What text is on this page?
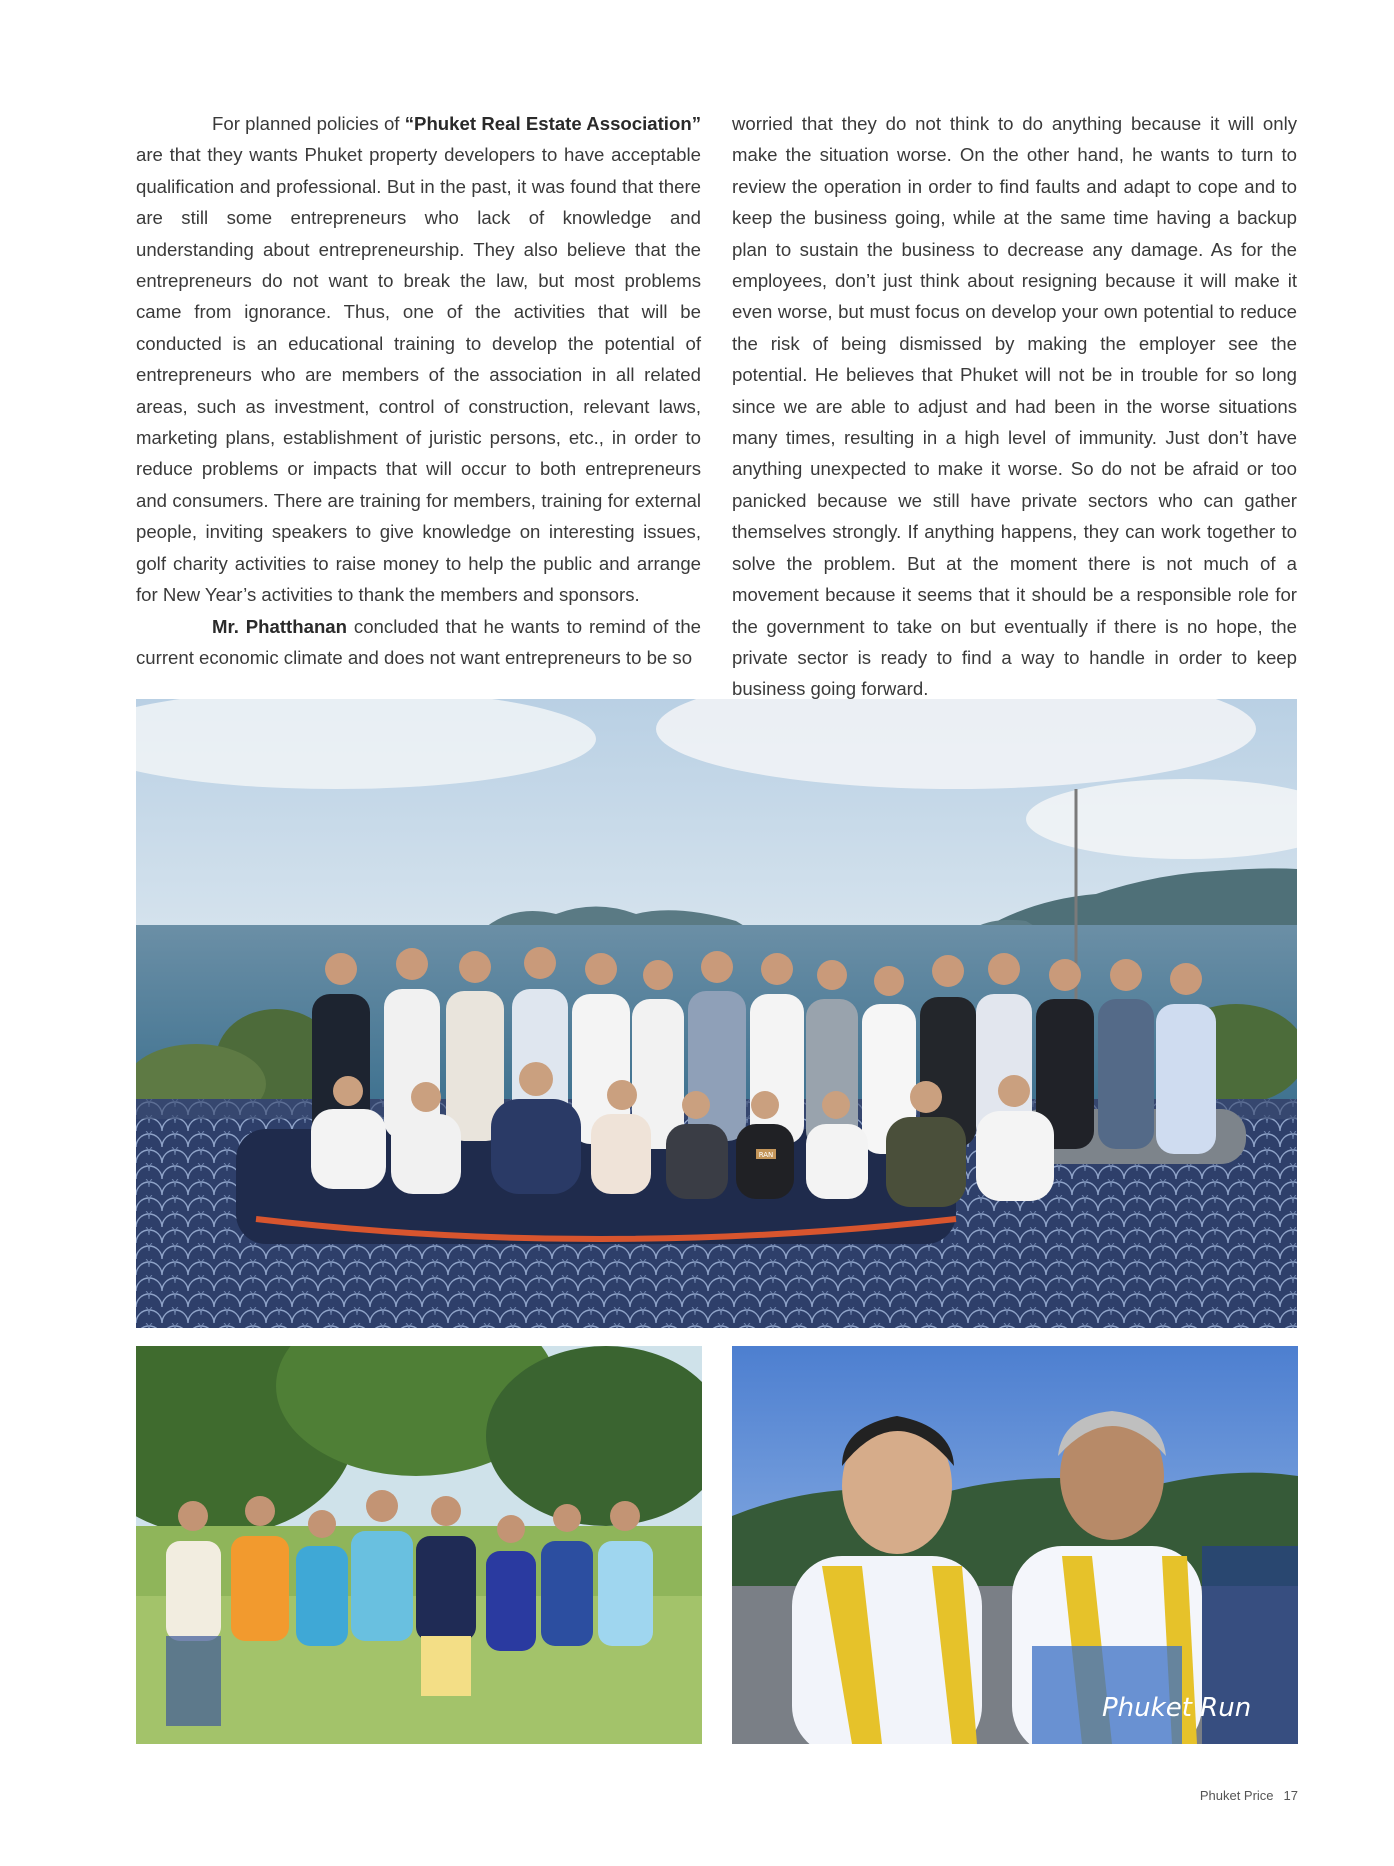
For planned policies of “Phuket Real Estate Association” are that they wants Phuket property developers to have acceptable qualification and professional. But in the past, it was found that there are still some entrepreneurs who lack of knowledge and understanding about entrepreneurship. They also believe that the entrepreneurs do not want to break the law, but most problems came from ignorance. Thus, one of the activities that will be conducted is an educational training to develop the potential of entrepreneurs who are members of the association in all related areas, such as investment, control of construction, relevant laws, marketing plans, establishment of juristic persons, etc., in order to reduce problems or impacts that will occur to both entrepreneurs and consumers. There are training for members, training for external people, inviting speakers to give knowledge on interesting issues, golf charity activities to raise money to help the public and arrange for New Year’s activities to thank the members and sponsors.

Mr. Phatthanan concluded that he wants to remind of the current economic climate and does not want entrepreneurs to be so

worried that they do not think to do anything because it will only make the situation worse. On the other hand, he wants to turn to review the operation in order to find faults and adapt to cope and to keep the business going, while at the same time having a backup plan to sustain the business to decrease any damage. As for the employees, don’t just think about resigning because it will make it even worse, but must focus on develop your own potential to reduce the risk of being dismissed by making the employer see the potential. He believes that Phuket will not be in trouble for so long since we are able to adjust and had been in the worse situations many times, resulting in a high level of immunity. Just don’t have anything unexpected to make it worse. So do not be afraid or too panicked because we still have private sectors who can gather themselves strongly. If anything happens, they can work together to solve the problem. But at the moment there is not much of a movement because it seems that it should be a responsible role for the government to take on but eventually if there is no hope, the private sector is ready to find a way to handle in order to keep business going forward.

RAN
Phuket Run
Phuket Price 17
